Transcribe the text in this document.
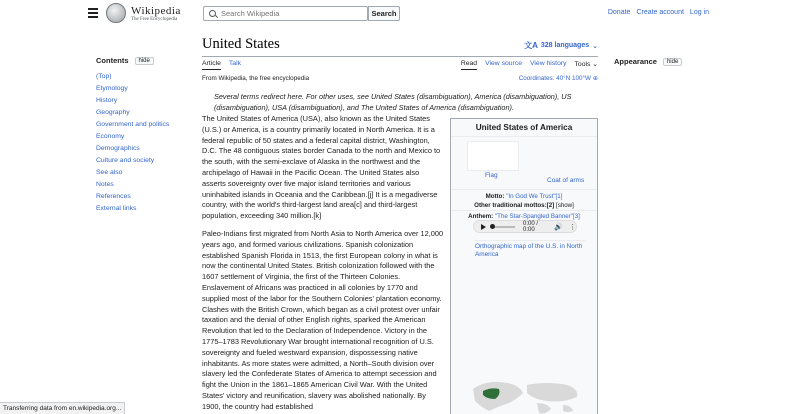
Wikipedia
The Free Encyclopedia
Search Wikipedia
Search	Donate Create account Log in
Contents	hide
(Top)
Etymology
History
Geography
Government and politics
Economy
Demographics
Culture and society
See also
Notes
References
External links
United States	文A 328 languages ⌄
Article Talk	Read View source View history Tools ⌄
From Wikipedia, the free encyclopedia	Coordinates: 40°N 100°W ⊕
Several terms redirect here. For other uses, see United States (disambiguation), America (disambiguation), US (disambiguation), USA (disambiguation), and The United States of America (disambiguation).
The United States of America (USA), also known as the United States (U.S.) or America, is a country primarily located in North America. It is a federal republic of 50 states and a federal capital district, Washington, D.C. The 48 contiguous states border Canada to the north and Mexico to the south, with the semi-exclave of Alaska in the northwest and the archipelago of Hawaii in the Pacific Ocean. The United States also asserts sovereignty over five major island territories and various uninhabited islands in Oceania and the Caribbean.[j] It is a megadiverse country, with the world's third-largest land area[c] and third-largest population, exceeding 340 million.[k]
Paleo-Indians first migrated from North Asia to North America over 12,000 years ago, and formed various civilizations. Spanish colonization established Spanish Florida in 1513, the first European colony in what is now the continental United States. British colonization followed with the 1607 settlement of Virginia, the first of the Thirteen Colonies. Enslavement of Africans was practiced in all colonies by 1770 and supplied most of the labor for the Southern Colonies' plantation economy. Clashes with the British Crown, which began as a civil protest over unfair taxation and the denial of other English rights, sparked the American Revolution that led to the Declaration of Independence. Victory in the 1775–1783 Revolutionary War brought international recognition of U.S. sovereignty and fueled westward expansion, dispossessing native inhabitants. As more states were admitted, a North–South division over slavery led the Confederate States of America to attempt secession and fight the Union in the 1861–1865 American Civil War. With the United States' victory and reunification, slavery was abolished nationally. By 1900, the country had established
United States of America
Flag
Coat of arms
Motto: "In God We Trust"[1]
Other traditional mottos:[2] [show]
Anthem: "The Star-Spangled Banner"[3]
0:00 / 0:00	🔊 ⋮
Orthographic map of the U.S. in North America
Appearance	hide
Transferring data from en.wikipedia.org...
